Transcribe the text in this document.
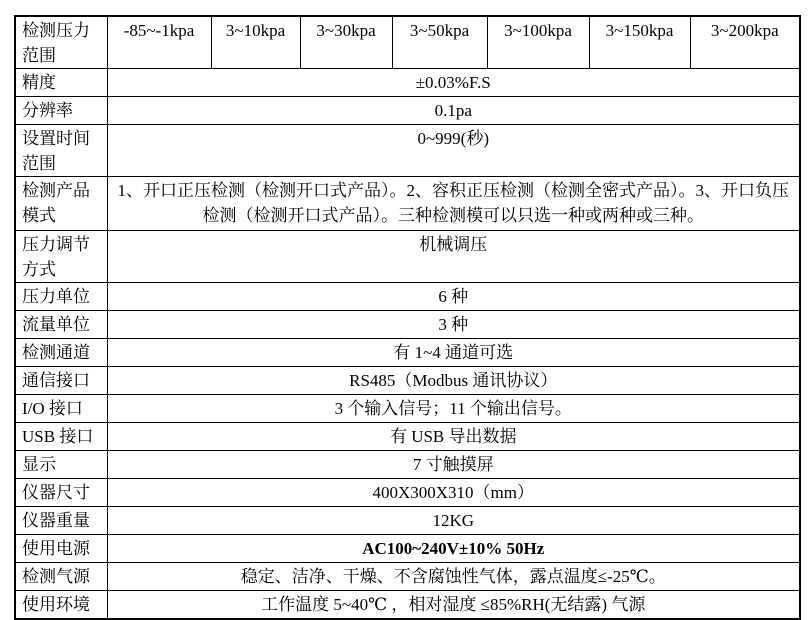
检测压力范围	-85~-1kpa	3~10kpa	3~30kpa	3~50kpa	3~100kpa	3~150kpa	3~200kpa
精度	±0.03%F.S						
分辨率	0.1pa						
设置时间范围	0~999(秒)						
检测产品模式	1、开口正压检测（检测开口式产品）。2、容积正压检测（检测全密式产品）。3、开口负压检测（检测开口式产品）。三种检测模可以只选一种或两种或三种。						
压力调节方式	机械调压						
压力单位	6 种						
流量单位	3 种						
检测通道	有 1~4 通道可选						
通信接口	RS485（Modbus 通讯协议）						
I/O 接口	3 个输入信号；11 个输出信号。						
USB 接口	有 USB 导出数据						
显示	7 寸触摸屏						
仪器尺寸	400X300X310（mm）						
仪器重量	12KG						
使用电源	AC100~240V±10% 50Hz						
检测气源	稳定、洁净、干燥、不含腐蚀性气体，露点温度≤-25℃。						
使用环境	工作温度 5~40℃ ，相对湿度 ≤85%RH(无结露) 气源						
